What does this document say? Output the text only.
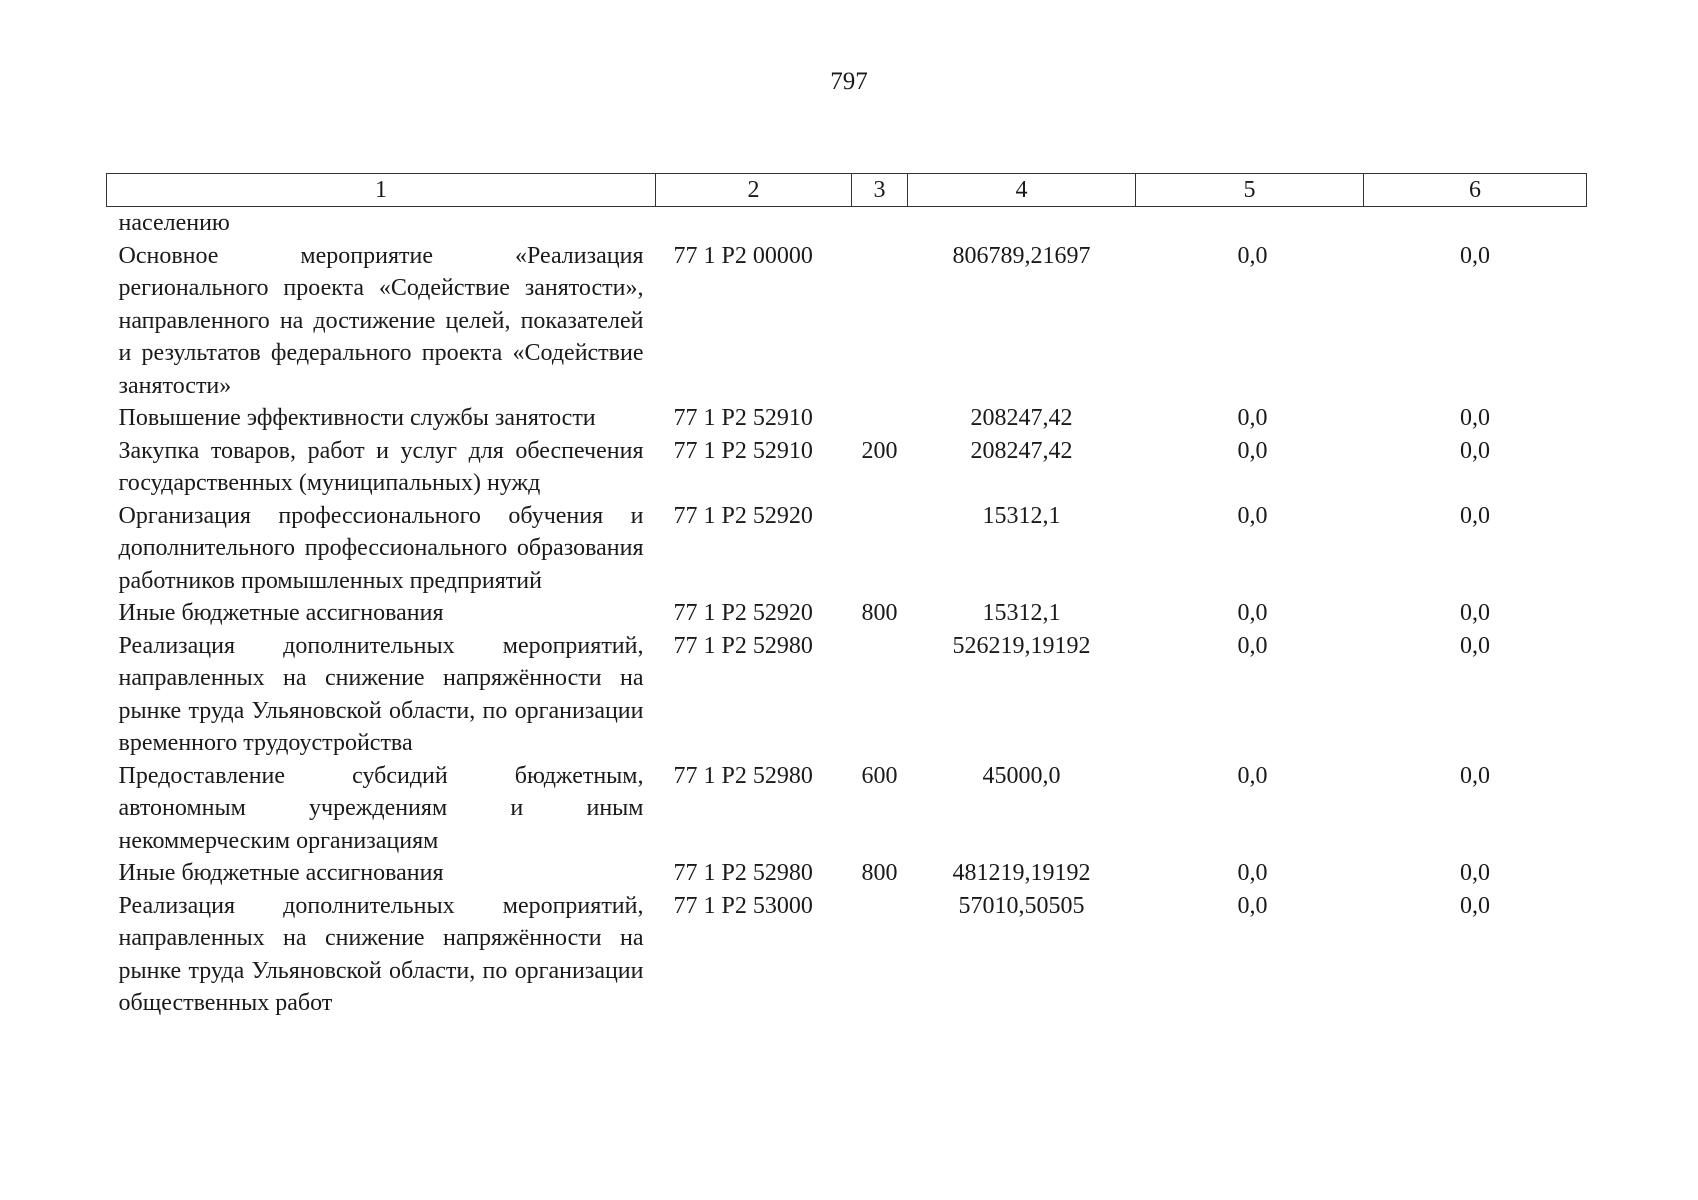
797
1	2	3	4	5	6
населению					
Основное мероприятие «Реализация регионального проекта «Содействие занятости», направленного на достижение целей, показателей и результатов федерального проекта «Содействие занятости»	77 1 Р2 00000		806789,21697	0,0	0,0
Повышение эффективности службы занятости	77 1 Р2 52910		208247,42	0,0	0,0
Закупка товаров, работ и услуг для обеспечения государственных (муниципальных) нужд	77 1 Р2 52910	200	208247,42	0,0	0,0
Организация профессионального обучения и дополнительного профессионального образования работников промышленных предприятий	77 1 Р2 52920		15312,1	0,0	0,0
Иные бюджетные ассигнования	77 1 Р2 52920	800	15312,1	0,0	0,0
Реализация дополнительных мероприятий, направленных на снижение напряжённости на рынке труда Ульяновской области, по организации временного трудоустройства	77 1 Р2 52980		526219,19192	0,0	0,0
Предоставление субсидий бюджетным, автономным учреждениям и иным некоммерческим организациям	77 1 Р2 52980	600	45000,0	0,0	0,0
Иные бюджетные ассигнования	77 1 Р2 52980	800	481219,19192	0,0	0,0
Реализация дополнительных мероприятий, направленных на снижение напряжённости на рынке труда Ульяновской области, по организации общественных работ	77 1 Р2 53000		57010,50505	0,0	0,0
